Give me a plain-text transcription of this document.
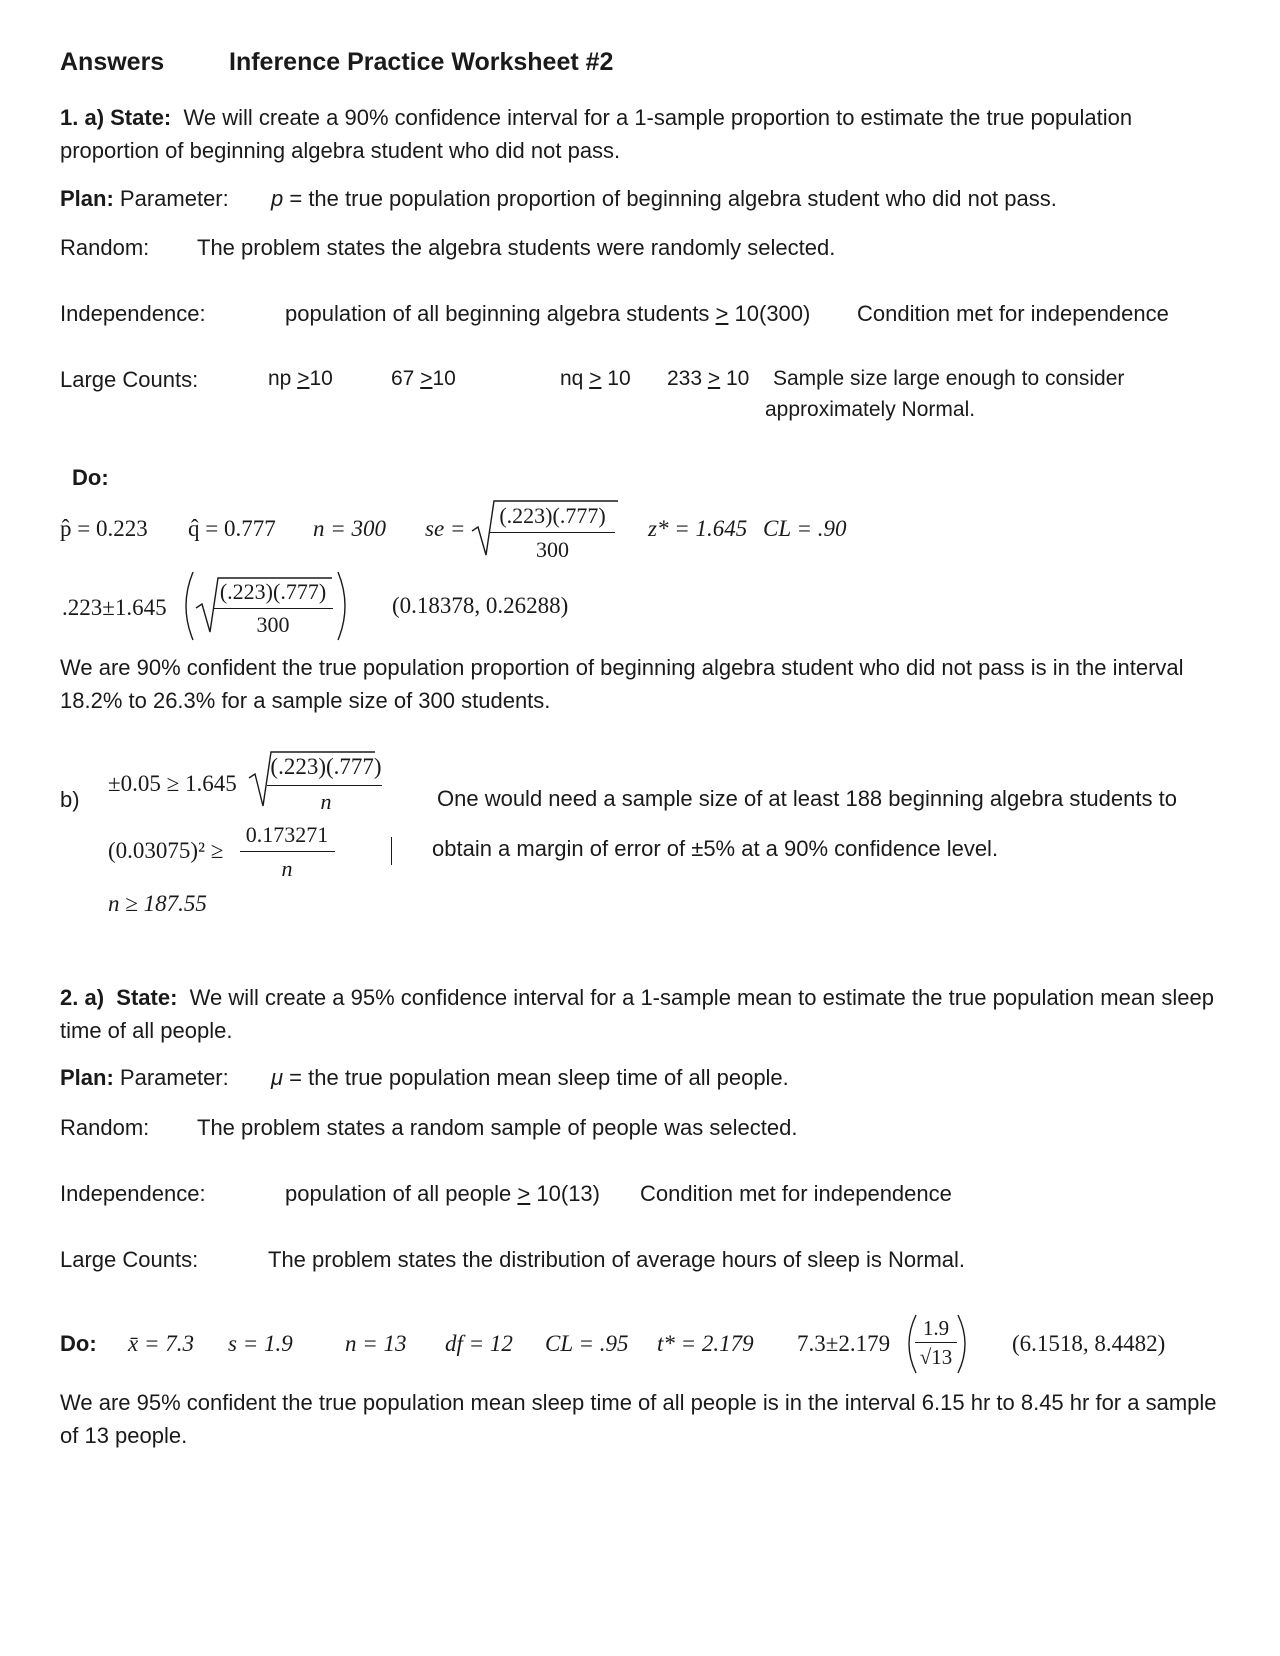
Answers	Inference Practice Worksheet #2
1. a) State: We will create a 90% confidence interval for a 1-sample proportion to estimate the true population proportion of beginning algebra student who did not pass.
Plan: Parameter: p = the true population proportion of beginning algebra student who did not pass.
Random: The problem states the algebra students were randomly selected.
Independence:	population of all beginning algebra students ≥ 10(300) Condition met for independence
Large Counts:	np >10	67 ≥10	nq > 10 233 ≥ 10 Sample size large enough to consider
approximately Normal.
Do:
p̂ = 0.223 q̂ = 0.777 n = 300 se =
(.223)(.777)
300
z* = 1.645 CL = .90
.223±1.645
(.223)(.777)
300
(0.18378, 0.26288)
We are 90% confident the true population proportion of beginning algebra student who did not pass is in the interval 18.2% to 26.3% for a sample size of 300 students.
b)
±0.05 ≥ 1.645
(.223)(.777)
n
(0.03075)² ≥
0.173271
n
n ≥ 187.55
One would need a sample size of at least 188 beginning algebra students to
obtain a margin of error of ±5% at a 90% confidence level.
2. a) State: We will create a 95% confidence interval for a 1-sample mean to estimate the true population mean sleep time of all people.
Plan: Parameter: μ = the true population mean sleep time of all people.
Random: The problem states a random sample of people was selected.
Independence:	population of all people ≥ 10(13) Condition met for independence
Large Counts:	The problem states the distribution of average hours of sleep is Normal.
Do: x̄ = 7.3 s = 1.9 n = 13 df = 12 CL = .95 t* = 2.179 7.3±2.179
1.9
√13
(6.1518, 8.4482)
We are 95% confident the true population mean sleep time of all people is in the interval 6.15 hr to 8.45 hr for a sample of 13 people.
